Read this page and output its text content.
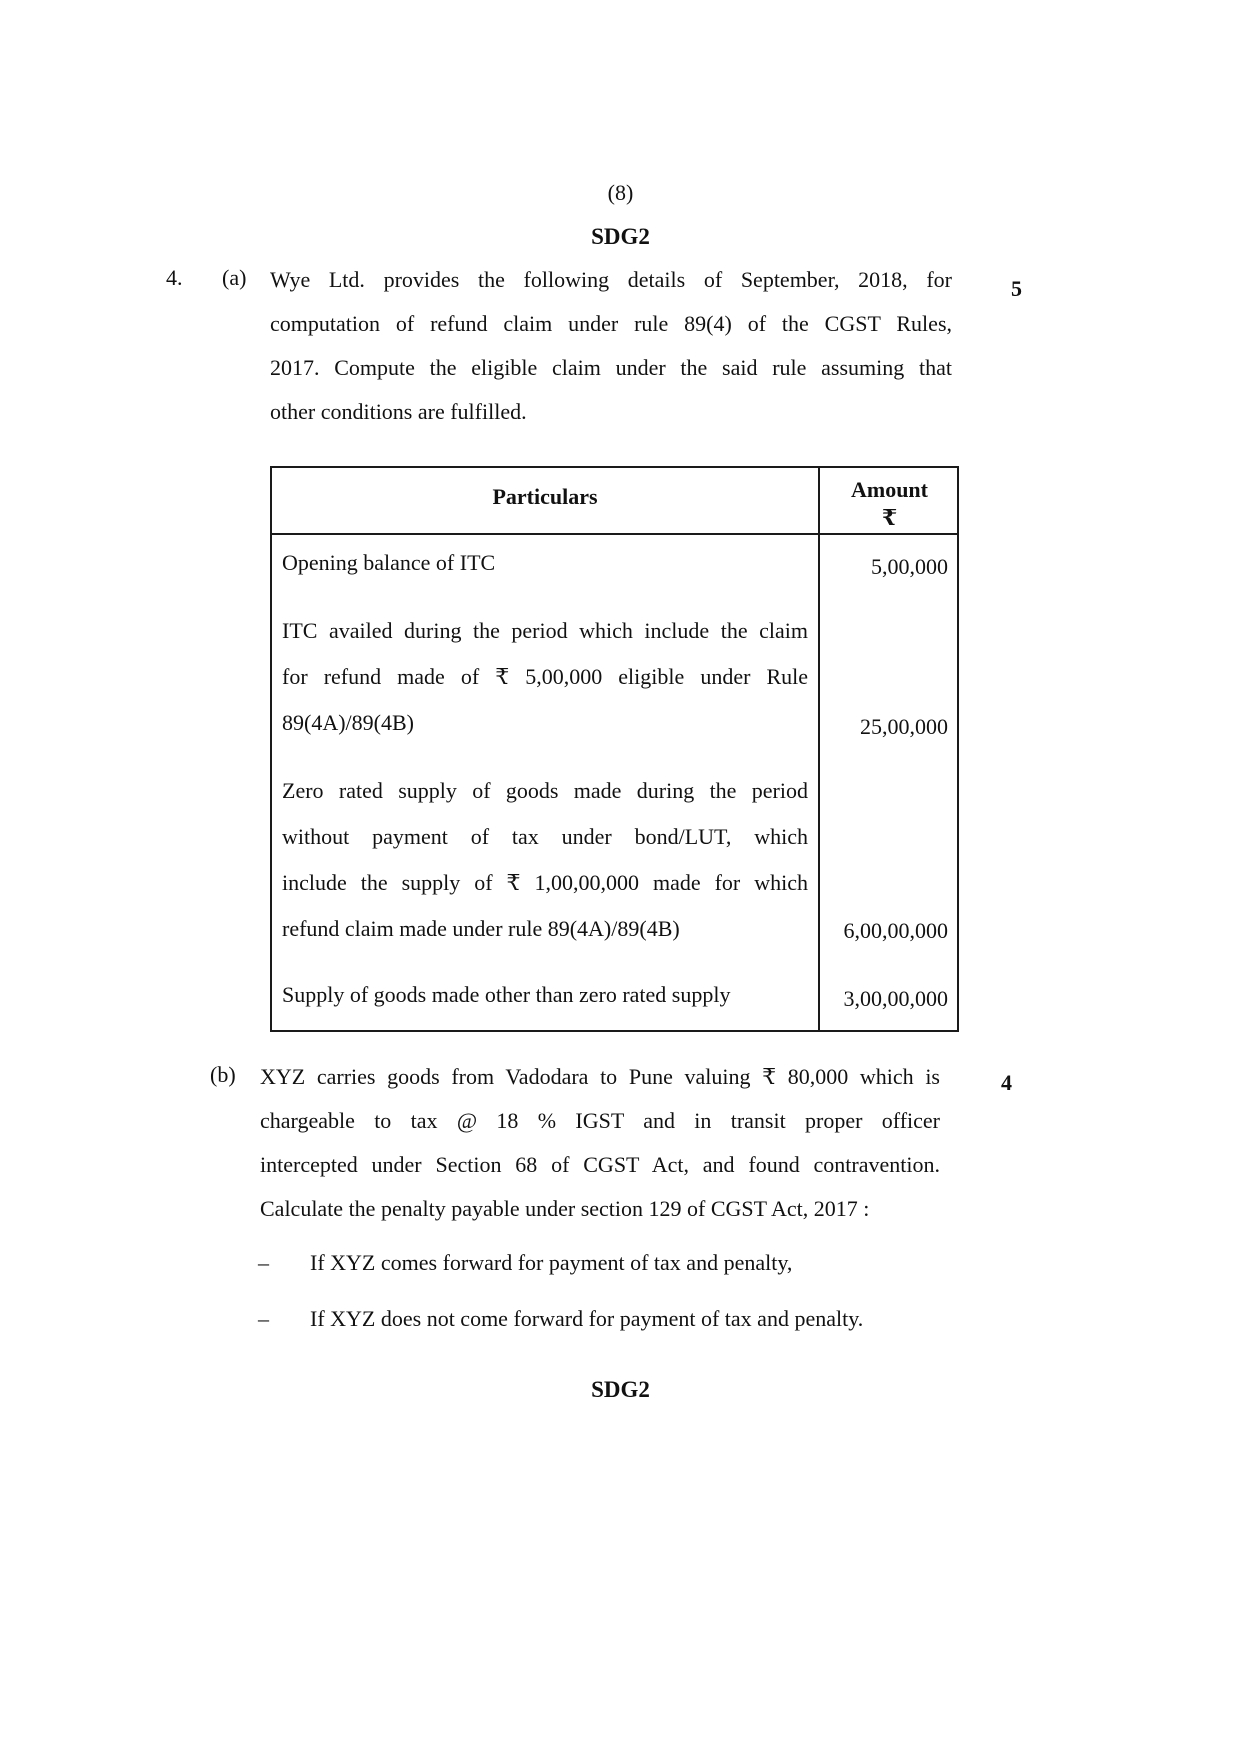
(8)
SDG2
4. (a)	5

Wye Ltd. provides the following details of September, 2018, for

computation of refund claim under rule 89(4) of the CGST Rules,

2017. Compute the eligible claim under the said rule assuming that

other conditions are fulfilled.

Particulars	Amount
₹

Opening balance of ITC	5,00,000

ITC availed during the period which include the claim

for refund made of ₹ 5,00,000 eligible under Rule

89(4A)/89(4B)	25,00,000

Zero rated supply of goods made during the period

without payment of tax under bond/LUT, which

include the supply of ₹ 1,00,00,000 made for which

refund claim made under rule 89(4A)/89(4B)	6,00,00,000

Supply of goods made other than zero rated supply	3,00,00,000
(b)	4

XYZ carries goods from Vadodara to Pune valuing ₹ 80,000 which is

chargeable to tax @ 18 % IGST and in transit proper officer

intercepted under Section 68 of CGST Act, and found contravention.

Calculate the penalty payable under section 129 of CGST Act, 2017 :

– If XYZ comes forward for payment of tax and penalty,
– If XYZ does not come forward for payment of tax and penalty.
SDG2
